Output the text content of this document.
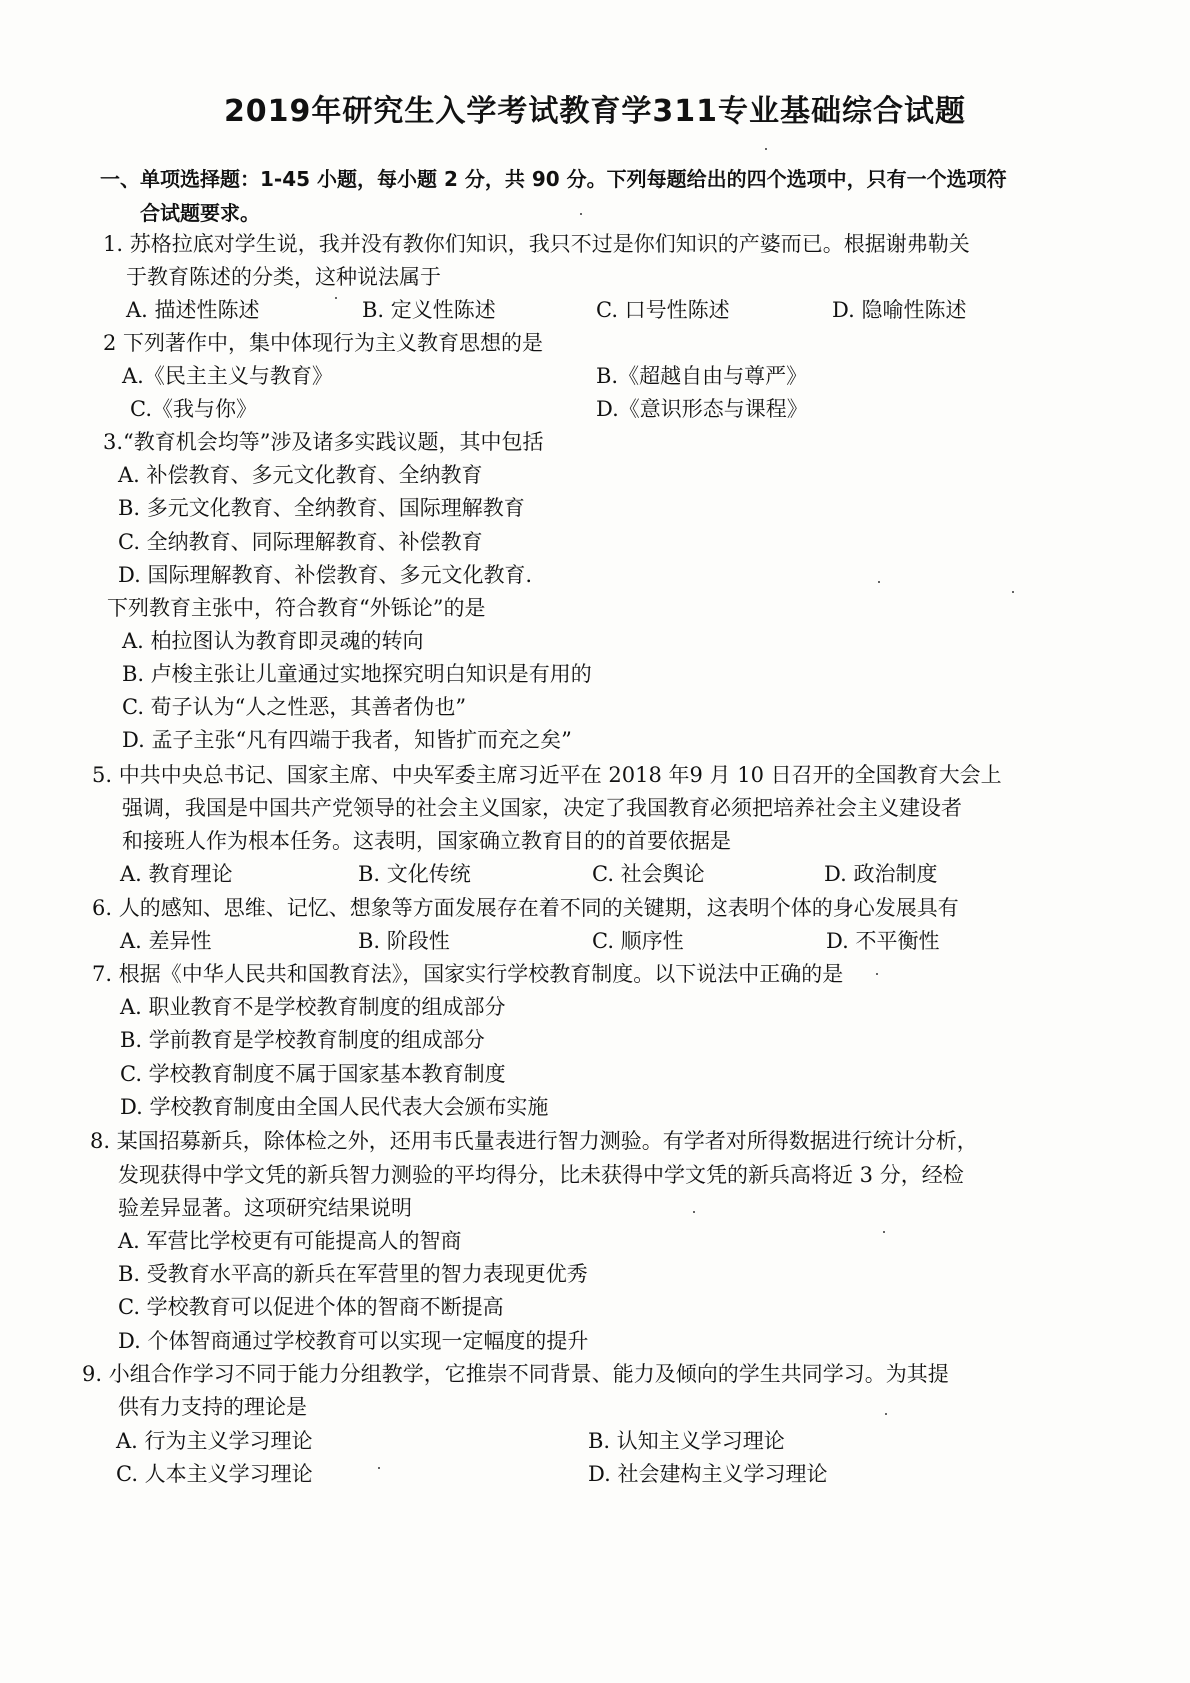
2019年研究生入学考试教育学311专业基础综合试题
一、单项选择题：1-45 小题，每小题 2 分，共 90 分。下列每题给出的四个选项中，只有一个选项符
合试题要求。
1. 苏格拉底对学生说，我并没有教你们知识，我只不过是你们知识的产婆而已。根据谢弗勒关
于教育陈述的分类，这种说法属于
A. 描述性陈述	B. 定义性陈述	C. 口号性陈述	D. 隐喻性陈述
2 下列著作中，集中体现行为主义教育思想的是
A.《民主主义与教育》	B.《超越自由与尊严》
C.《我与你》	D.《意识形态与课程》
3.“教育机会均等”涉及诸多实践议题，其中包括
A. 补偿教育、多元文化教育、全纳教育
B. 多元文化教育、全纳教育、国际理解教育
C. 全纳教育、同际理解教育、补偿教育
D. 国际理解教育、补偿教育、多元文化教育.
下列教育主张中，符合教育“外铄论”的是
A. 柏拉图认为教育即灵魂的转向
B. 卢梭主张让儿童通过实地探究明白知识是有用的
C. 荀子认为“人之性恶，其善者伪也”
D. 孟子主张“凡有四端于我者，知皆扩而充之矣”
5. 中共中央总书记、国家主席、中央军委主席习近平在 2018 年9 月 10 日召开的全国教育大会上
强调，我国是中国共产党领导的社会主义国家，决定了我国教育必须把培养社会主义建设者
和接班人作为根本任务。这表明，国家确立教育目的的首要依据是
A. 教育理论	B. 文化传统	C. 社会舆论	D. 政治制度
6. 人的感知、思维、记忆、想象等方面发展存在着不同的关键期，这表明个体的身心发展具有
A. 差异性	B. 阶段性	C. 顺序性	D. 不平衡性
7. 根据《中华人民共和国教育法》，国家实行学校教育制度。以下说法中正确的是
A. 职业教育不是学校教育制度的组成部分
B. 学前教育是学校教育制度的组成部分
C. 学校教育制度不属于国家基本教育制度
D. 学校教育制度由全国人民代表大会颁布实施
8. 某国招募新兵，除体检之外，还用韦氏量表进行智力测验。有学者对所得数据进行统计分析，
发现获得中学文凭的新兵智力测验的平均得分，比未获得中学文凭的新兵高将近 3 分，经检
验差异显著。这项研究结果说明
A. 军营比学校更有可能提高人的智商
B. 受教育水平高的新兵在军营里的智力表现更优秀
C. 学校教育可以促进个体的智商不断提高
D. 个体智商通过学校教育可以实现一定幅度的提升
9. 小组合作学习不同于能力分组教学，它推崇不同背景、能力及倾向的学生共同学习。为其提
供有力支持的理论是
A. 行为主义学习理论	B. 认知主义学习理论
C. 人本主义学习理论	D. 社会建构主义学习理论
